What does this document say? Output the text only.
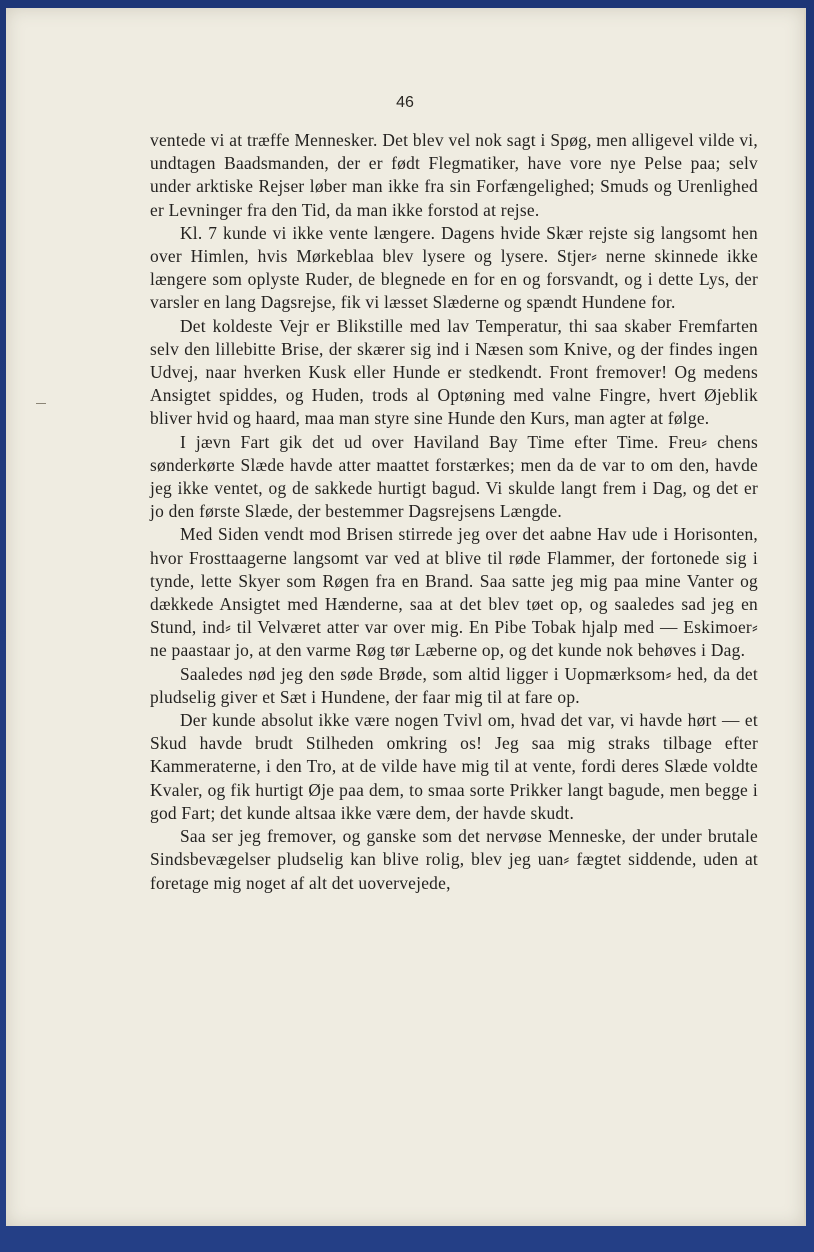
46

ventede vi at træffe Mennesker. Det blev vel nok sagt i Spøg, men alligevel vilde vi, undtagen Baadsmanden, der er født Flegmatiker, have vore nye Pelse paa; selv under arktiske Rejser løber man ikke fra sin Forfængelighed; Smuds og Urenlighed er Levninger fra den Tid, da man ikke forstod at rejse.

Kl. 7 kunde vi ikke vente længere. Dagens hvide Skær rejste sig langsomt hen over Himlen, hvis Mørkeblaa blev lysere og lysere. Stjer⸗ nerne skinnede ikke længere som oplyste Ruder, de blegnede en for en og forsvandt, og i dette Lys, der varsler en lang Dagsrejse, fik vi læsset Slæderne og spændt Hundene for.

Det koldeste Vejr er Blikstille med lav Temperatur, thi saa skaber Fremfarten selv den lillebitte Brise, der skærer sig ind i Næsen som Knive, og der findes ingen Udvej, naar hverken Kusk eller Hunde er stedkendt. Front fremover! Og medens Ansigtet spiddes, og Huden, trods al Optøning med valne Fingre, hvert Øjeblik bliver hvid og haard, maa man styre sine Hunde den Kurs, man agter at følge.

I jævn Fart gik det ud over Haviland Bay Time efter Time. Freu⸗ chens sønderkørte Slæde havde atter maattet forstærkes; men da de var to om den, havde jeg ikke ventet, og de sakkede hurtigt bagud. Vi skulde langt frem i Dag, og det er jo den første Slæde, der bestemmer Dagsrejsens Længde.

Med Siden vendt mod Brisen stirrede jeg over det aabne Hav ude i Horisonten, hvor Frosttaagerne langsomt var ved at blive til røde Flammer, der fortonede sig i tynde, lette Skyer som Røgen fra en Brand. Saa satte jeg mig paa mine Vanter og dækkede Ansigtet med Hænderne, saa at det blev tøet op, og saaledes sad jeg en Stund, ind⸗ til Velværet atter var over mig. En Pibe Tobak hjalp med — Eskimoer⸗ ne paastaar jo, at den varme Røg tør Læberne op, og det kunde nok behøves i Dag.

Saaledes nød jeg den søde Brøde, som altid ligger i Uopmærksom⸗ hed, da det pludselig giver et Sæt i Hundene, der faar mig til at fare op.

Der kunde absolut ikke være nogen Tvivl om, hvad det var, vi havde hørt — et Skud havde brudt Stilheden omkring os! Jeg saa mig straks tilbage efter Kammeraterne, i den Tro, at de vilde have mig til at vente, fordi deres Slæde voldte Kvaler, og fik hurtigt Øje paa dem, to smaa sorte Prikker langt bagude, men begge i god Fart; det kunde altsaa ikke være dem, der havde skudt.

Saa ser jeg fremover, og ganske som det nervøse Menneske, der under brutale Sindsbevægelser pludselig kan blive rolig, blev jeg uan⸗ fægtet siddende, uden at foretage mig noget af alt det uovervejede,
